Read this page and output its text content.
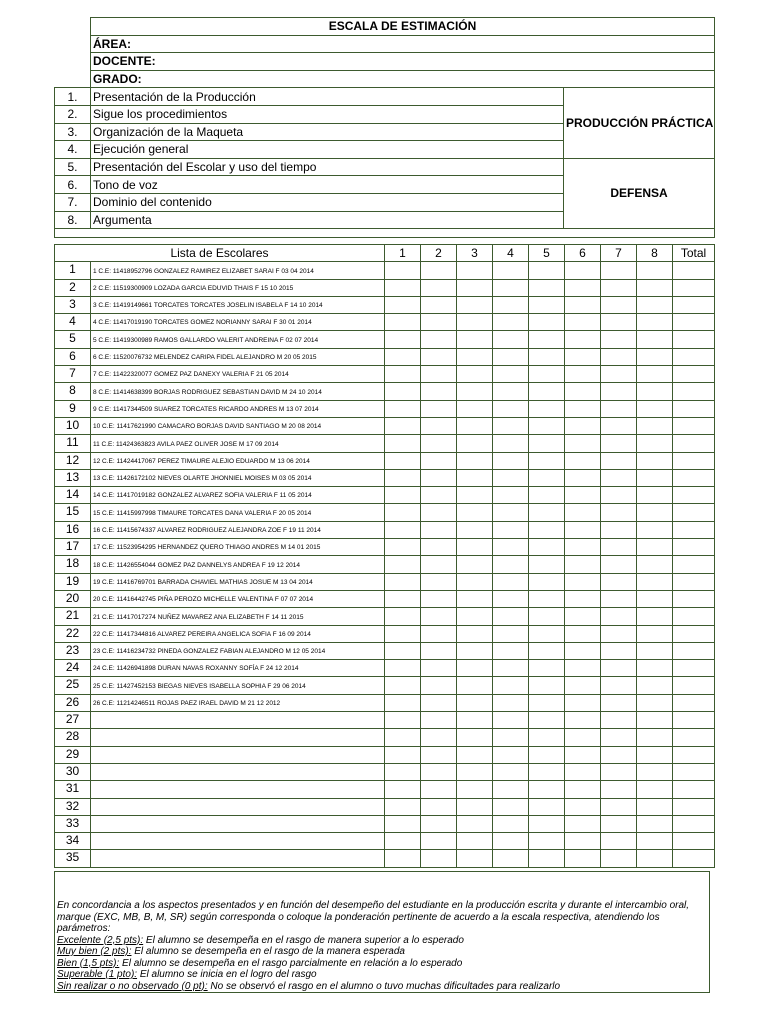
	ESCALA DE ESTIMACIÓN	
	ÁREA:	
	DOCENTE:	
	GRADO:	
1.	Presentación de la Producción	PRODUCCIÓN PRÁCTICA
2.	Sigue los procedimientos	
3.	Organización de la Maqueta	
4.	Ejecución general	
5.	Presentación del Escolar y uso del tiempo	DEFENSA
6.	Tono de voz	
7.	Dominio del contenido	
8.	Argumenta	

Lista de Escolares		1	2	3	4	5	6	7	8	Total
1	1 C.E: 11418952796 GONZALEZ RAMIREZ ELIZABET SARAI F 03 04 2014									
2	2 C.E: 11519300909 LOZADA GARCIA EDUVID THAIS F 15 10 2015									
3	3 C.E: 11419149661 TORCATES TORCATES JOSELIN ISABELA F 14 10 2014									
4	4 C.E: 11417019190 TORCATES GOMEZ NORIANNY SARAI F 30 01 2014									
5	5 C.E: 11419300989 RAMOS GALLARDO VALERIT ANDREINA F 02 07 2014									
6	6 C.E: 11520076732 MELENDEZ CARIPA FIDEL ALEJANDRO M 20 05 2015									
7	7 C.E: 11422320077 GOMEZ PAZ DANEXY VALERIA F 21 05 2014									
8	8 C.E: 11414638399 BORJAS RODRIGUEZ SEBASTIAN DAVID M 24 10 2014									
9	9 C.E: 11417344509 SUAREZ TORCATES RICARDO ANDRES M 13 07 2014									
10	10 C.E: 11417621990 CAMACARO BORJAS DAVID SANTIAGO M 20 08 2014									
11	11 C.E: 11424363823 AVILA PAEZ OLIVER JOSE M 17 09 2014									
12	12 C.E: 11424417067 PEREZ TIMAURE ALEJIO EDUARDO M 13 06 2014									
13	13 C.E: 11426172102 NIEVES OLARTE JHONNIEL MOISES M 03 05 2014									
14	14 C.E: 11417019182 GONZALEZ ALVAREZ SOFIA VALERIA F 11 05 2014									
15	15 C.E: 11415997998 TIMAURE TORCATES DANA VALERIA F 20 05 2014									
16	16 C.E: 11415674337 ALVAREZ RODRIGUEZ ALEJANDRA ZOE F 19 11 2014									
17	17 C.E: 11523954295 HERNANDEZ QUERO THIAGO ANDRES M 14 01 2015									
18	18 C.E: 11426554044 GOMEZ PAZ DANNELYS ANDREA F 19 12 2014									
19	19 C.E: 11416769701 BARRADA CHAVIEL MATHIAS JOSUE M 13 04 2014									
20	20 C.E: 11416442745 PIÑA PEROZO MICHELLE VALENTINA F 07 07 2014									
21	21 C.E: 11417017274 NUÑEZ MAVAREZ ANA ELIZABETH F 14 11 2015									
22	22 C.E: 11417344816 ALVAREZ PEREIRA ANGELICA SOFIA F 16 09 2014									
23	23 C.E: 11416234732 PINEDA GONZALEZ FABIAN ALEJANDRO M 12 05 2014									
24	24 C.E: 11426941898 DURAN NAVAS ROXANNY SOFÍA F 24 12 2014									
25	25 C.E: 11427452153 BIEGAS NIEVES ISABELLA SOPHIA F 29 06 2014									
26	26 C.E: 11214246511 ROJAS PAEZ IRAEL DAVID M 21 12 2012									
27										
28										
29										
30										
31										
32										
33										
34										
35										

En concordancia a los aspectos presentados y en función del desempeño del estudiante en la producción escrita y durante el intercambio oral, marque (EXC, MB, B, M, SR) según corresponda o coloque la ponderación pertinente de acuerdo a la escala respectiva, atendiendo los parámetros:

Excelente (2,5 pts): El alumno se desempeña en el rasgo de manera superior a lo esperado

Muy bien (2 pts): El alumno se desempeña en el rasgo de la manera esperada

Bien (1,5 pts): El alumno se desempeña en el rasgo parcialmente en relación a lo esperado

Superable (1 pto): El alumno se inicia en el logro del rasgo

Sin realizar o no observado (0 pt): No se observó el rasgo en el alumno o tuvo muchas dificultades para realizarlo
